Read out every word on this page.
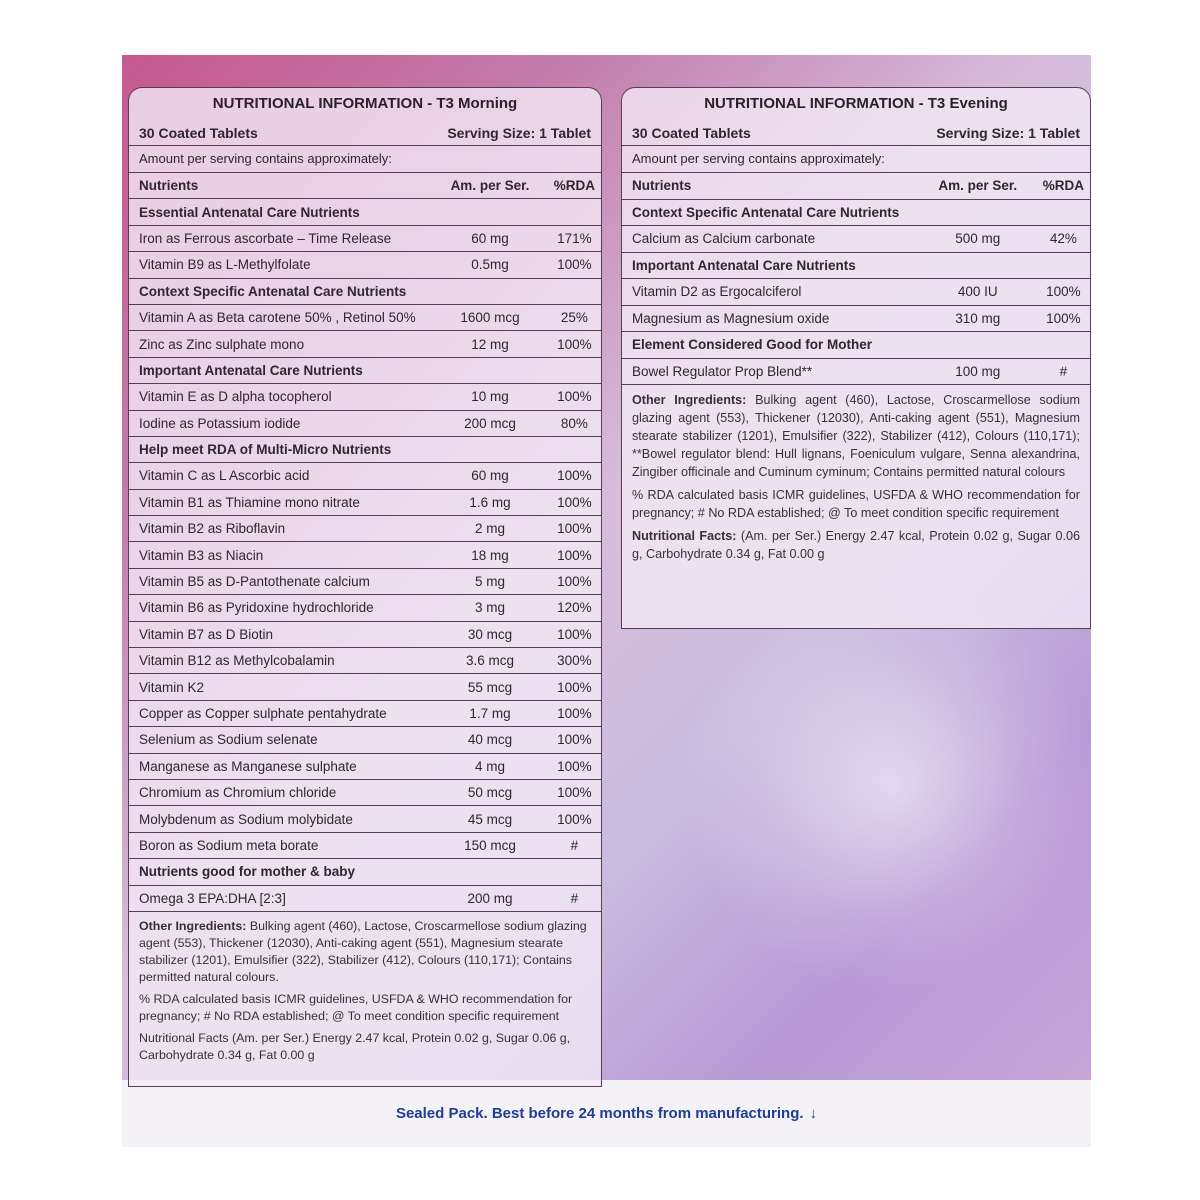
Sealed Pack. Best before 24 months from manufacturing. ↓
NUTRITIONAL INFORMATION - T3 Morning
30 Coated Tablets	Serving Size: 1 Tablet
Amount per serving contains approximately:
Nutrients	Am. per Ser.	%RDA
Essential Antenatal Care Nutrients		
Iron as Ferrous ascorbate – Time Release	60 mg	171%
Vitamin B9 as L-Methylfolate	0.5mg	100%
Context Specific Antenatal Care Nutrients		
Vitamin A as Beta carotene 50% , Retinol 50%	1600 mcg	25%
Zinc as Zinc sulphate mono	12 mg	100%
Important Antenatal Care Nutrients		
Vitamin E as D alpha tocopherol	10 mg	100%
Iodine as Potassium iodide	200 mcg	80%
Help meet RDA of Multi-Micro Nutrients		
Vitamin C as L Ascorbic acid	60 mg	100%
Vitamin B1 as Thiamine mono nitrate	1.6 mg	100%
Vitamin B2 as Riboflavin	2 mg	100%
Vitamin B3 as Niacin	18 mg	100%
Vitamin B5 as D-Pantothenate calcium	5 mg	100%
Vitamin B6 as Pyridoxine hydrochloride	3 mg	120%
Vitamin B7 as D Biotin	30 mcg	100%
Vitamin B12 as Methylcobalamin	3.6 mcg	300%
Vitamin K2	55 mcg	100%
Copper as Copper sulphate pentahydrate	1.7 mg	100%
Selenium as Sodium selenate	40 mcg	100%
Manganese as Manganese sulphate	4 mg	100%
Chromium as Chromium chloride	50 mcg	100%
Molybdenum as Sodium molybidate	45 mcg	100%
Boron as Sodium meta borate	150 mcg	#
Nutrients good for mother & baby		
Omega 3 EPA:DHA [2:3]	200 mg	#

Other Ingredients: Bulking agent (460), Lactose, Croscarmellose sodium glazing agent (553), Thickener (12030), Anti-caking agent (551), Magnesium stearate stabilizer (1201), Emulsifier (322), Stabilizer (412), Colours (110,171); Contains permitted natural colours.

% RDA calculated basis ICMR guidelines, USFDA & WHO recommendation for pregnancy; # No RDA established; @ To meet condition specific requirement

Nutritional Facts (Am. per Ser.) Energy 2.47 kcal, Protein 0.02 g, Sugar 0.06 g, Carbohydrate 0.34 g, Fat 0.00 g

NUTRITIONAL INFORMATION - T3 Evening
30 Coated Tablets	Serving Size: 1 Tablet
Amount per serving contains approximately:
Nutrients	Am. per Ser.	%RDA
Context Specific Antenatal Care Nutrients		
Calcium as Calcium carbonate	500 mg	42%
Important Antenatal Care Nutrients		
Vitamin D2 as Ergocalciferol	400 IU	100%
Magnesium as Magnesium oxide	310 mg	100%
Element Considered Good for Mother		
Bowel Regulator Prop Blend**	100 mg	#

Other Ingredients: Bulking agent (460), Lactose, Croscarmellose sodium glazing agent (553), Thickener (12030), Anti-caking agent (551), Magnesium stearate stabilizer (1201), Emulsifier (322), Stabilizer (412), Colours (110,171); **Bowel regulator blend: Hull lignans, Foeniculum vulgare, Senna alexandrina, Zingiber officinale and Cuminum cyminum; Contains permitted natural colours

% RDA calculated basis ICMR guidelines, USFDA & WHO recommendation for pregnancy; # No RDA established; @ To meet condition specific requirement

Nutritional Facts: (Am. per Ser.) Energy 2.47 kcal, Protein 0.02 g, Sugar 0.06 g, Carbohydrate 0.34 g, Fat 0.00 g
